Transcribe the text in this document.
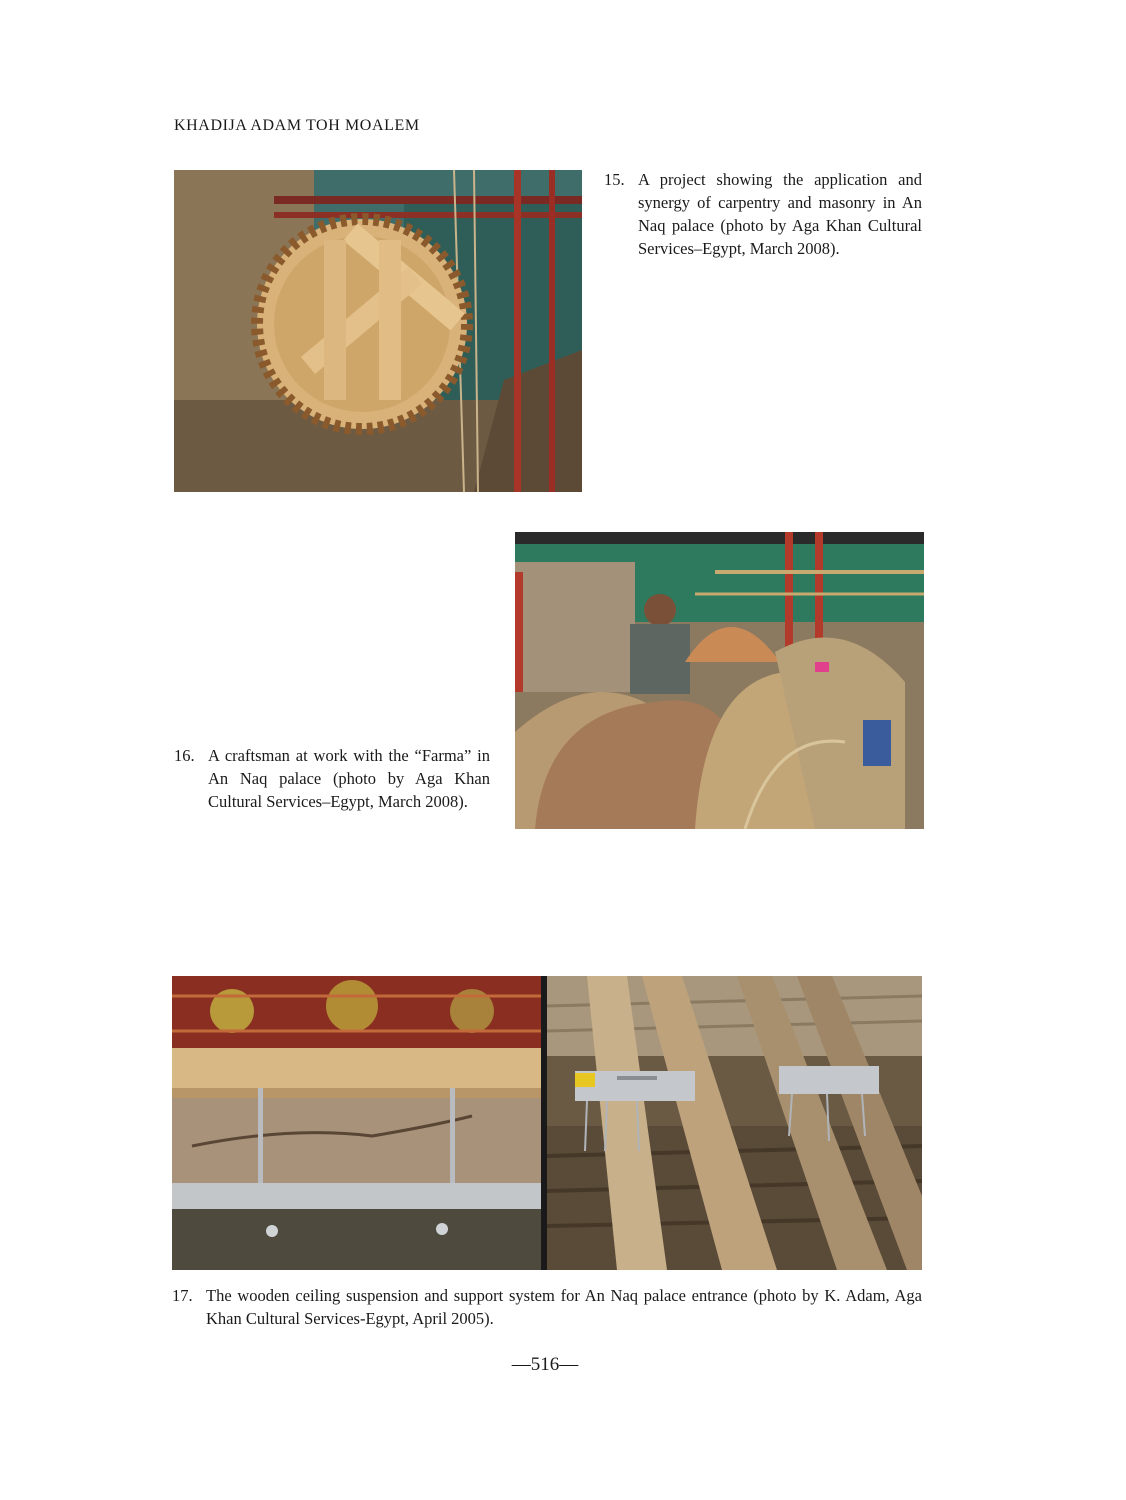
KHADIJA ADAM TOH MOALEM
15. A project showing the application and synergy of carpentry and masonry in An Naq palace (photo by Aga Khan Cultural Services–Egypt, March 2008).
16. A craftsman at work with the “Farma” in An Naq palace (photo by Aga Khan Cultural Services–Egypt, March 2008).
17. The wooden ceiling suspension and support system for An Naq palace entrance (photo by K. Adam, Aga Khan Cultural Services-Egypt, April 2005).
—516—
